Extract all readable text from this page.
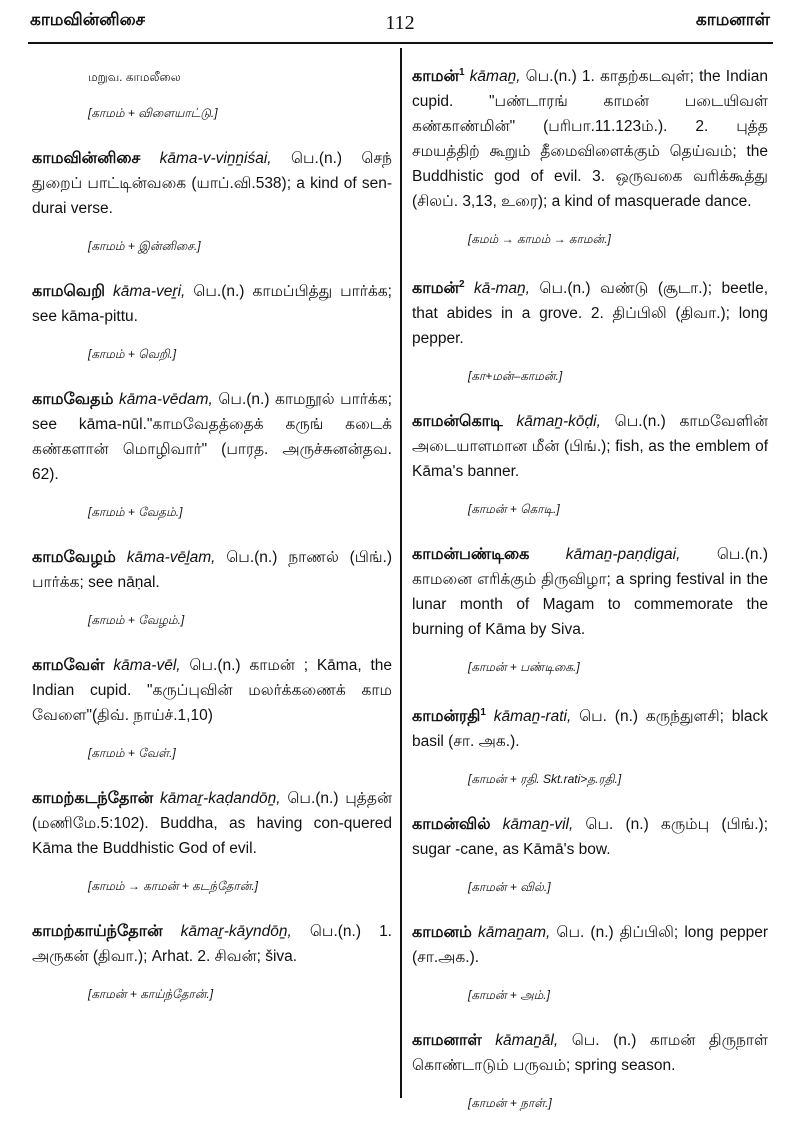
காமவின்னிசை	112	காமனாள்
மறுவ. காமலீலை
[காமம் + விளையாட்டு.]
காமவின்னிசை kāma-v-viṉṉiśai, பெ.(n.) செந் துறைப் பாட்டின்வகை (யாப்.வி.538); a kind of sen-durai verse.
[காமம் + இன்னிசை.]
காமவெறி kāma-veṟi, பெ.(n.) காமப்பித்து பார்க்க; see kāma-pittu.
[காமம் + வெறி.]
காமவேதம் kāma-vēdam, பெ.(n.) காமநூல் பார்க்க; see kāma-nūl."காமவேதத்தைக் கருங் கடைக் கண்களான் மொழிவார்" (பாரத. அருச்சுனன்தவ. 62).
[காமம் + வேதம்.]
காமவேழம் kāma-vēḻam, பெ.(n.) நாணல் (பிங்.) பார்க்க; see nāṇal.
[காமம் + வேழம்.]
காமவேள் kāma-vēl, பெ.(n.) காமன் ; Kāma, the Indian cupid. "கருப்புவின் மலர்க்கணைக் காம வேளை"(திவ். நாய்ச்.1,10)
[காமம் + வேள்.]
காமற்கடந்தோன் kāmaṟ-kaḍandōṉ, பெ.(n.) புத்தன் (மணிமே.5:102). Buddha, as having con-quered Kāma the Buddhistic God of evil.
[காமம் → காமன் + கடந்தோன்.]
காமற்காய்ந்தோன் kāmaṟ-kāyndōṉ, பெ.(n.) 1. அருகன் (திவா.); Arhat. 2. சிவன்; šiva.
[காமன் + காய்ந்தோன்.]
காமன்$^1$ kāmaṉ, பெ.(n.) 1. காதற்கடவுள்; the Indian cupid. "பண்டாரங் காமன் படையிவள் கண்காண்மின்" (பரிபா.11.123ம்.). 2. புத்த சமயத்திற் கூறும் தீமைவிளைக்கும் தெய்வம்; the Buddhistic god of evil. 3. ஒருவகை வரிக்கூத்து (சிலப். 3,13, உரை); a kind of masquerade dance.
[கமம் → காமம் → காமன்.]
காமன்$^2$ kā-maṉ, பெ.(n.) வண்டு (சூடா.); beetle, that abides in a grove. 2. திப்பிலி (திவா.); long pepper.
[கா+மன்–காமன்.]
காமன்கொடி kāmaṉ-kōḍi, பெ.(n.) காமவேளின் அடையாளமான மீன் (பிங்.); fish, as the emblem of Kāma's banner.
[காமன் + கொடி.]
காமன்பண்டிகை kāmaṉ-paṇḍigai, பெ.(n.) காமனை எரிக்கும் திருவிழா; a spring festival in the lunar month of Magam to commemorate the burning of Kāma by Siva.
[காமன் + பண்டிகை.]
காமன்ரதி$^1$ kāmaṉ-rati, பெ. (n.) கருந்துளசி; black basil (சா. அக.).
[காமன் + ரதி. Skt.rati>த.ரதி.]
காமன்வில் kāmaṉ-vil, பெ. (n.) கரும்பு (பிங்.); sugar -cane, as Kāmā's bow.
[காமன் + வில்.]
காமனம் kāmaṉam, பெ. (n.) திப்பிலி; long pepper (சா.அக.).
[காமன் + அம்.]
காமனாள் kāmaṉāl, பெ. (n.) காமன் திருநாள் கொண்டாடும் பருவம்; spring season.
[காமன் + நாள்.]
